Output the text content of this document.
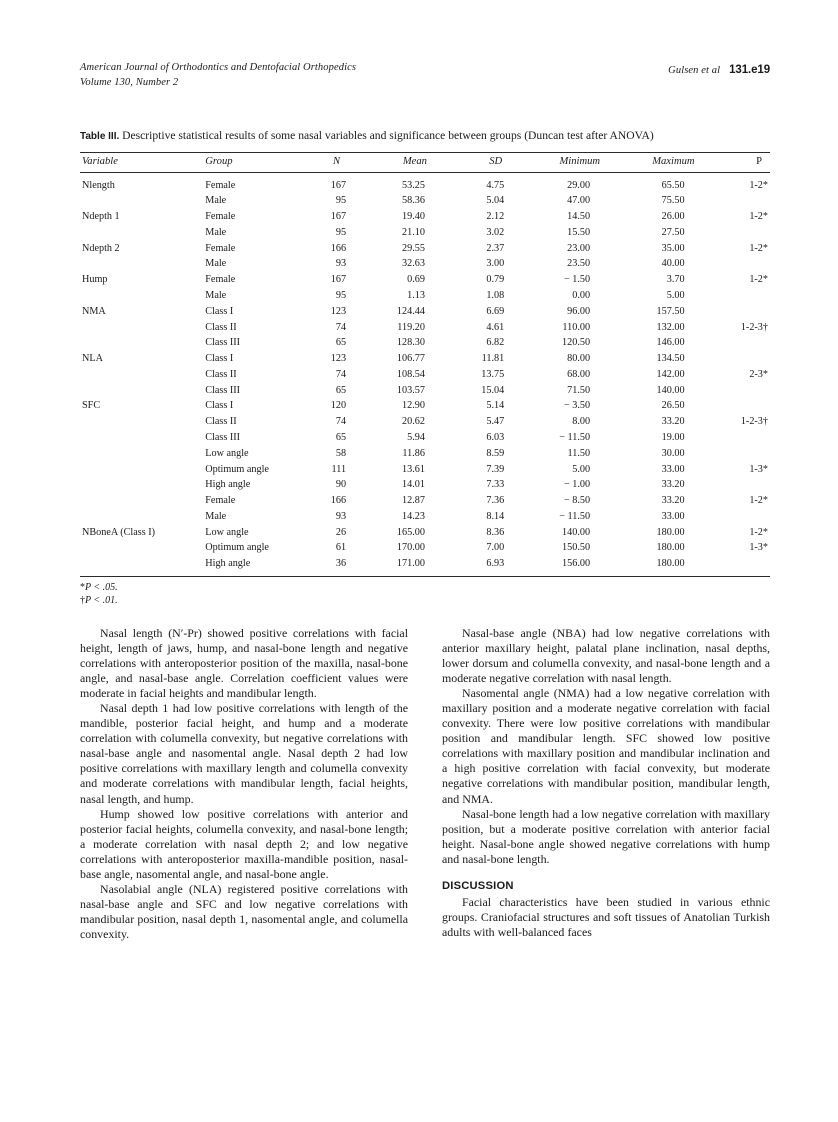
American Journal of Orthodontics and Dentofacial Orthopedics
Volume 130, Number 2
Gulsen et al 131.e19
Table III. Descriptive statistical results of some nasal variables and significance between groups (Duncan test after ANOVA)
Variable	Group	N	Mean	SD	Minimum	Maximum	P
Nlength	Female	167	53.25	4.75	29.00	65.50	1-2*
	Male	95	58.36	5.04	47.00	75.50	
Ndepth 1	Female	167	19.40	2.12	14.50	26.00	1-2*
	Male	95	21.10	3.02	15.50	27.50	
Ndepth 2	Female	166	29.55	2.37	23.00	35.00	1-2*
	Male	93	32.63	3.00	23.50	40.00	
Hump	Female	167	0.69	0.79	− 1.50	3.70	1-2*
	Male	95	1.13	1.08	0.00	5.00	
NMA	Class I	123	124.44	6.69	96.00	157.50	
	Class II	74	119.20	4.61	110.00	132.00	1-2-3†
	Class III	65	128.30	6.82	120.50	146.00	
NLA	Class I	123	106.77	11.81	80.00	134.50	
	Class II	74	108.54	13.75	68.00	142.00	2-3*
	Class III	65	103.57	15.04	71.50	140.00	
SFC	Class I	120	12.90	5.14	− 3.50	26.50	
	Class II	74	20.62	5.47	8.00	33.20	1-2-3†
	Class III	65	5.94	6.03	− 11.50	19.00	
	Low angle	58	11.86	8.59	11.50	30.00	
	Optimum angle	111	13.61	7.39	5.00	33.00	1-3*
	High angle	90	14.01	7.33	− 1.00	33.20	
	Female	166	12.87	7.36	− 8.50	33.20	1-2*
	Male	93	14.23	8.14	− 11.50	33.00	
NBoneA (Class I)	Low angle	26	165.00	8.36	140.00	180.00	1-2*
	Optimum angle	61	170.00	7.00	150.50	180.00	1-3*
	High angle	36	171.00	6.93	156.00	180.00	
*P < .05.
†P < .01.

Nasal length (N′-Pr) showed positive correlations with facial height, length of jaws, hump, and nasal-bone length and negative correlations with anteroposterior position of the maxilla, nasal-bone angle, and nasal-base angle. Correlation coefficient values were moderate in facial heights and mandibular length.

Nasal depth 1 had low positive correlations with length of the mandible, posterior facial height, and hump and a moderate correlation with columella convexity, but negative correlations with nasal-base angle and nasomental angle. Nasal depth 2 had low positive correlations with maxillary length and columella convexity and moderate correlations with mandibular length, facial heights, nasal length, and hump.

Hump showed low positive correlations with anterior and posterior facial heights, columella convexity, and nasal-bone length; a moderate correlation with nasal depth 2; and low negative correlations with anteroposterior maxilla-mandible position, nasal-base angle, nasomental angle, and nasal-bone angle.

Nasolabial angle (NLA) registered positive correlations with nasal-base angle and SFC and low negative correlations with mandibular position, nasal depth 1, nasomental angle, and columella convexity.

Nasal-base angle (NBA) had low negative correlations with anterior maxillary height, palatal plane inclination, nasal depths, lower dorsum and columella convexity, and nasal-bone length and a moderate negative correlation with nasal length.

Nasomental angle (NMA) had a low negative correlation with maxillary position and a moderate negative correlation with facial convexity. There were low positive correlations with mandibular position and mandibular length. SFC showed low positive correlations with maxillary position and mandibular inclination and a high positive correlation with facial convexity, but moderate negative correlations with mandibular position, mandibular length, and NMA.

Nasal-bone length had a low negative correlation with maxillary position, but a moderate positive correlation with anterior facial height. Nasal-bone angle showed negative correlations with hump and nasal-bone length.

DISCUSSION

Facial characteristics have been studied in various ethnic groups. Craniofacial structures and soft tissues of Anatolian Turkish adults with well-balanced faces
